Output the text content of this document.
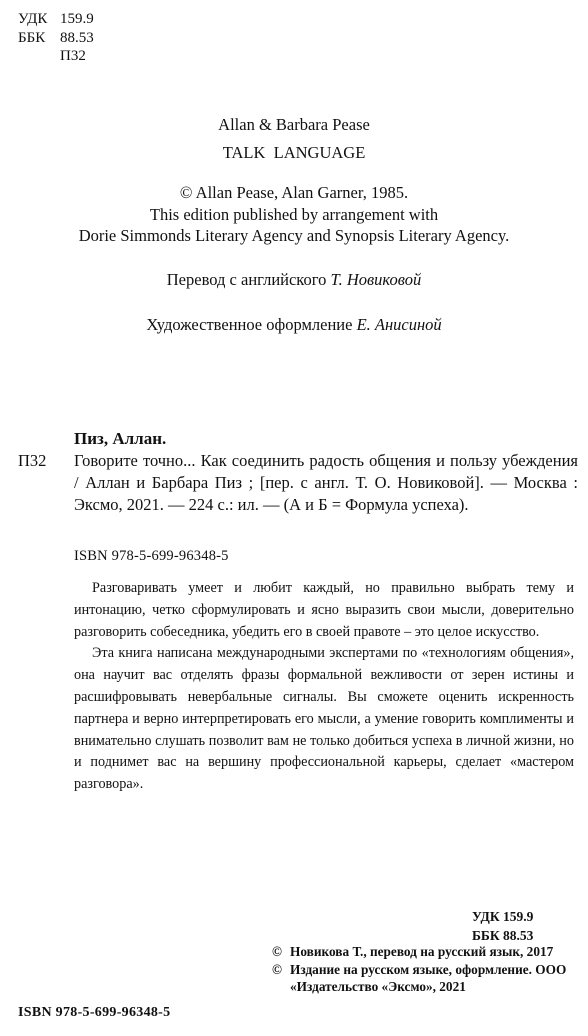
УДК 159.9
ББК 88.53
П32
Allan & Barbara Pease
TALK  LANGUAGE
© Allan Pease, Alan Garner, 1985.
This edition published by arrangement with
Dorie Simmonds Literary Agency and Synopsis Literary Agency.
Перевод с английского Т. Новиковой
Художественное оформление Е. Анисиной
Пиз, Аллан.
П32	Говорите точно... Как соединить радость общения и пользу убеждения / Аллан и Барбара Пиз ; [пер. с англ. Т. О. Новиковой]. — Москва : Эксмо, 2021. — 224 с.: ил. — (А и Б = Формула успеха).
ISBN 978-5-699-96348-5

Разговаривать умеет и любит каждый, но правильно выбрать тему и интонацию, четко сформулировать и ясно выразить свои мысли, доверительно разговорить собеседника, убедить его в своей правоте – это целое искусство.

Эта книга написана международными экспертами по «технологиям общения», она научит вас отделять фразы формальной вежливости от зерен истины и расшифровывать невербальные сигналы. Вы сможете оценить искренность партнера и верно интерпретировать его мысли, а умение говорить комплименты и внимательно слушать позволит вам не только добиться успеха в личной жизни, но и поднимет вас на вершину профессиональной карьеры, сделает «мастером разговора».

УДК 159.9
ББК 88.53
© Новикова Т., перевод на русский язык, 2017
© Издание на русском языке, оформление. ООО «Издательство «Эксмо», 2021
ISBN 978-5-699-96348-5
